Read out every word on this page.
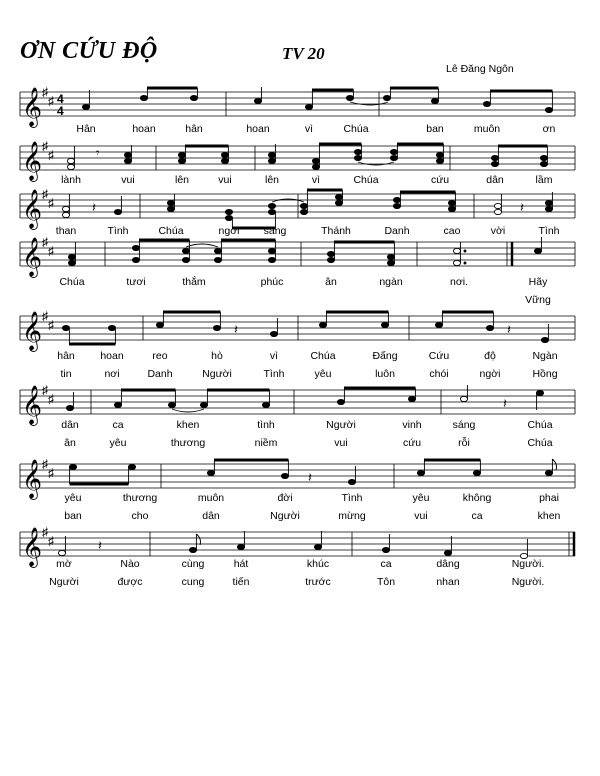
ƠN CỨU ĐỘ	TV 20
Lê Đăng Ngôn
𝄞 ♯
♯ 4
4
𝄞 ♯
♯	𝄾
𝄞 ♯
♯	𝄽	𝄽
𝄞 ♯
♯
𝄞 ♯
♯	𝄽	𝄽
𝄞 ♯
♯	𝄽
𝄞 ♯
♯	𝄽
𝄞 ♯
♯	𝄽
Hân	hoan	hân	hoan	vì	Chúa	ban	muôn	ơn
lành	vui	lên	vui	lên	vì	Chúa	cứu	dân	lầm
than	Tình	Chúa	ngời sáng	Thánh	Danh	cao	vời	Tình
Chúa	tươi	thắm	phúc	ân	ngàn	nơi.	Hãy
Vững
hân hoan	reo	hò	vì	Chúa	Đấng	Cứu	độ	Ngàn
tin	nơi	Danh	Người	Tình	yêu	luôn	chói	ngời	Hồng
dân	ca	khen	tình	Người	vinh	sáng	Chúa
ân	yêu	thương	niềm	vui	cứu	rỗi	Chúa
yêu	thương	muôn	đời	Tình	yêu	không	phai
ban	cho	dân	Người	mừng	vui	ca	khen
mờ	Nào	cùng	hát	khúc	ca	dâng	Người.
Người	được	cung	tiến	trước	Tôn	nhan	Người.
